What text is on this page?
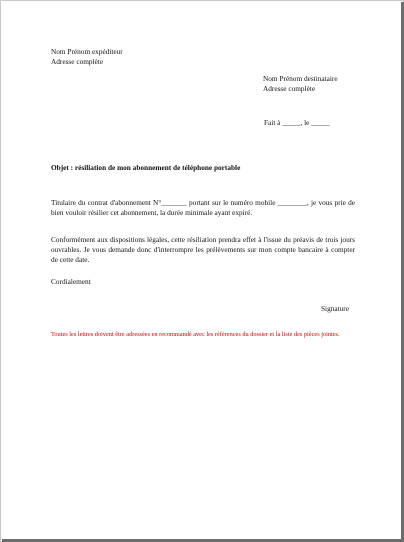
Nom Prénom expéditeur
Adresse complète
Nom Prénom destinataire
Adresse complète
Fait à _____, le _____
Objet : résiliation de mon abonnement de téléphone portable
Titulaire du contrat d'abonnement N°_______ portant sur le numéro mobile ________, je vous prie de bien vouloir résilier cet abonnement, la durée minimale ayant expiré.
Conformément aux dispositions légales, cette résiliation prendra effet à l'issue du préavis de trois jours ouvrables. Je vous demande donc d'interrompre les prélèvements sur mon compte bancaire à compter de cette date.
Cordialement
Signature
Toutes les lettres doivent être adressées en recommandé avec les références du dossier et la liste des pièces jointes.
